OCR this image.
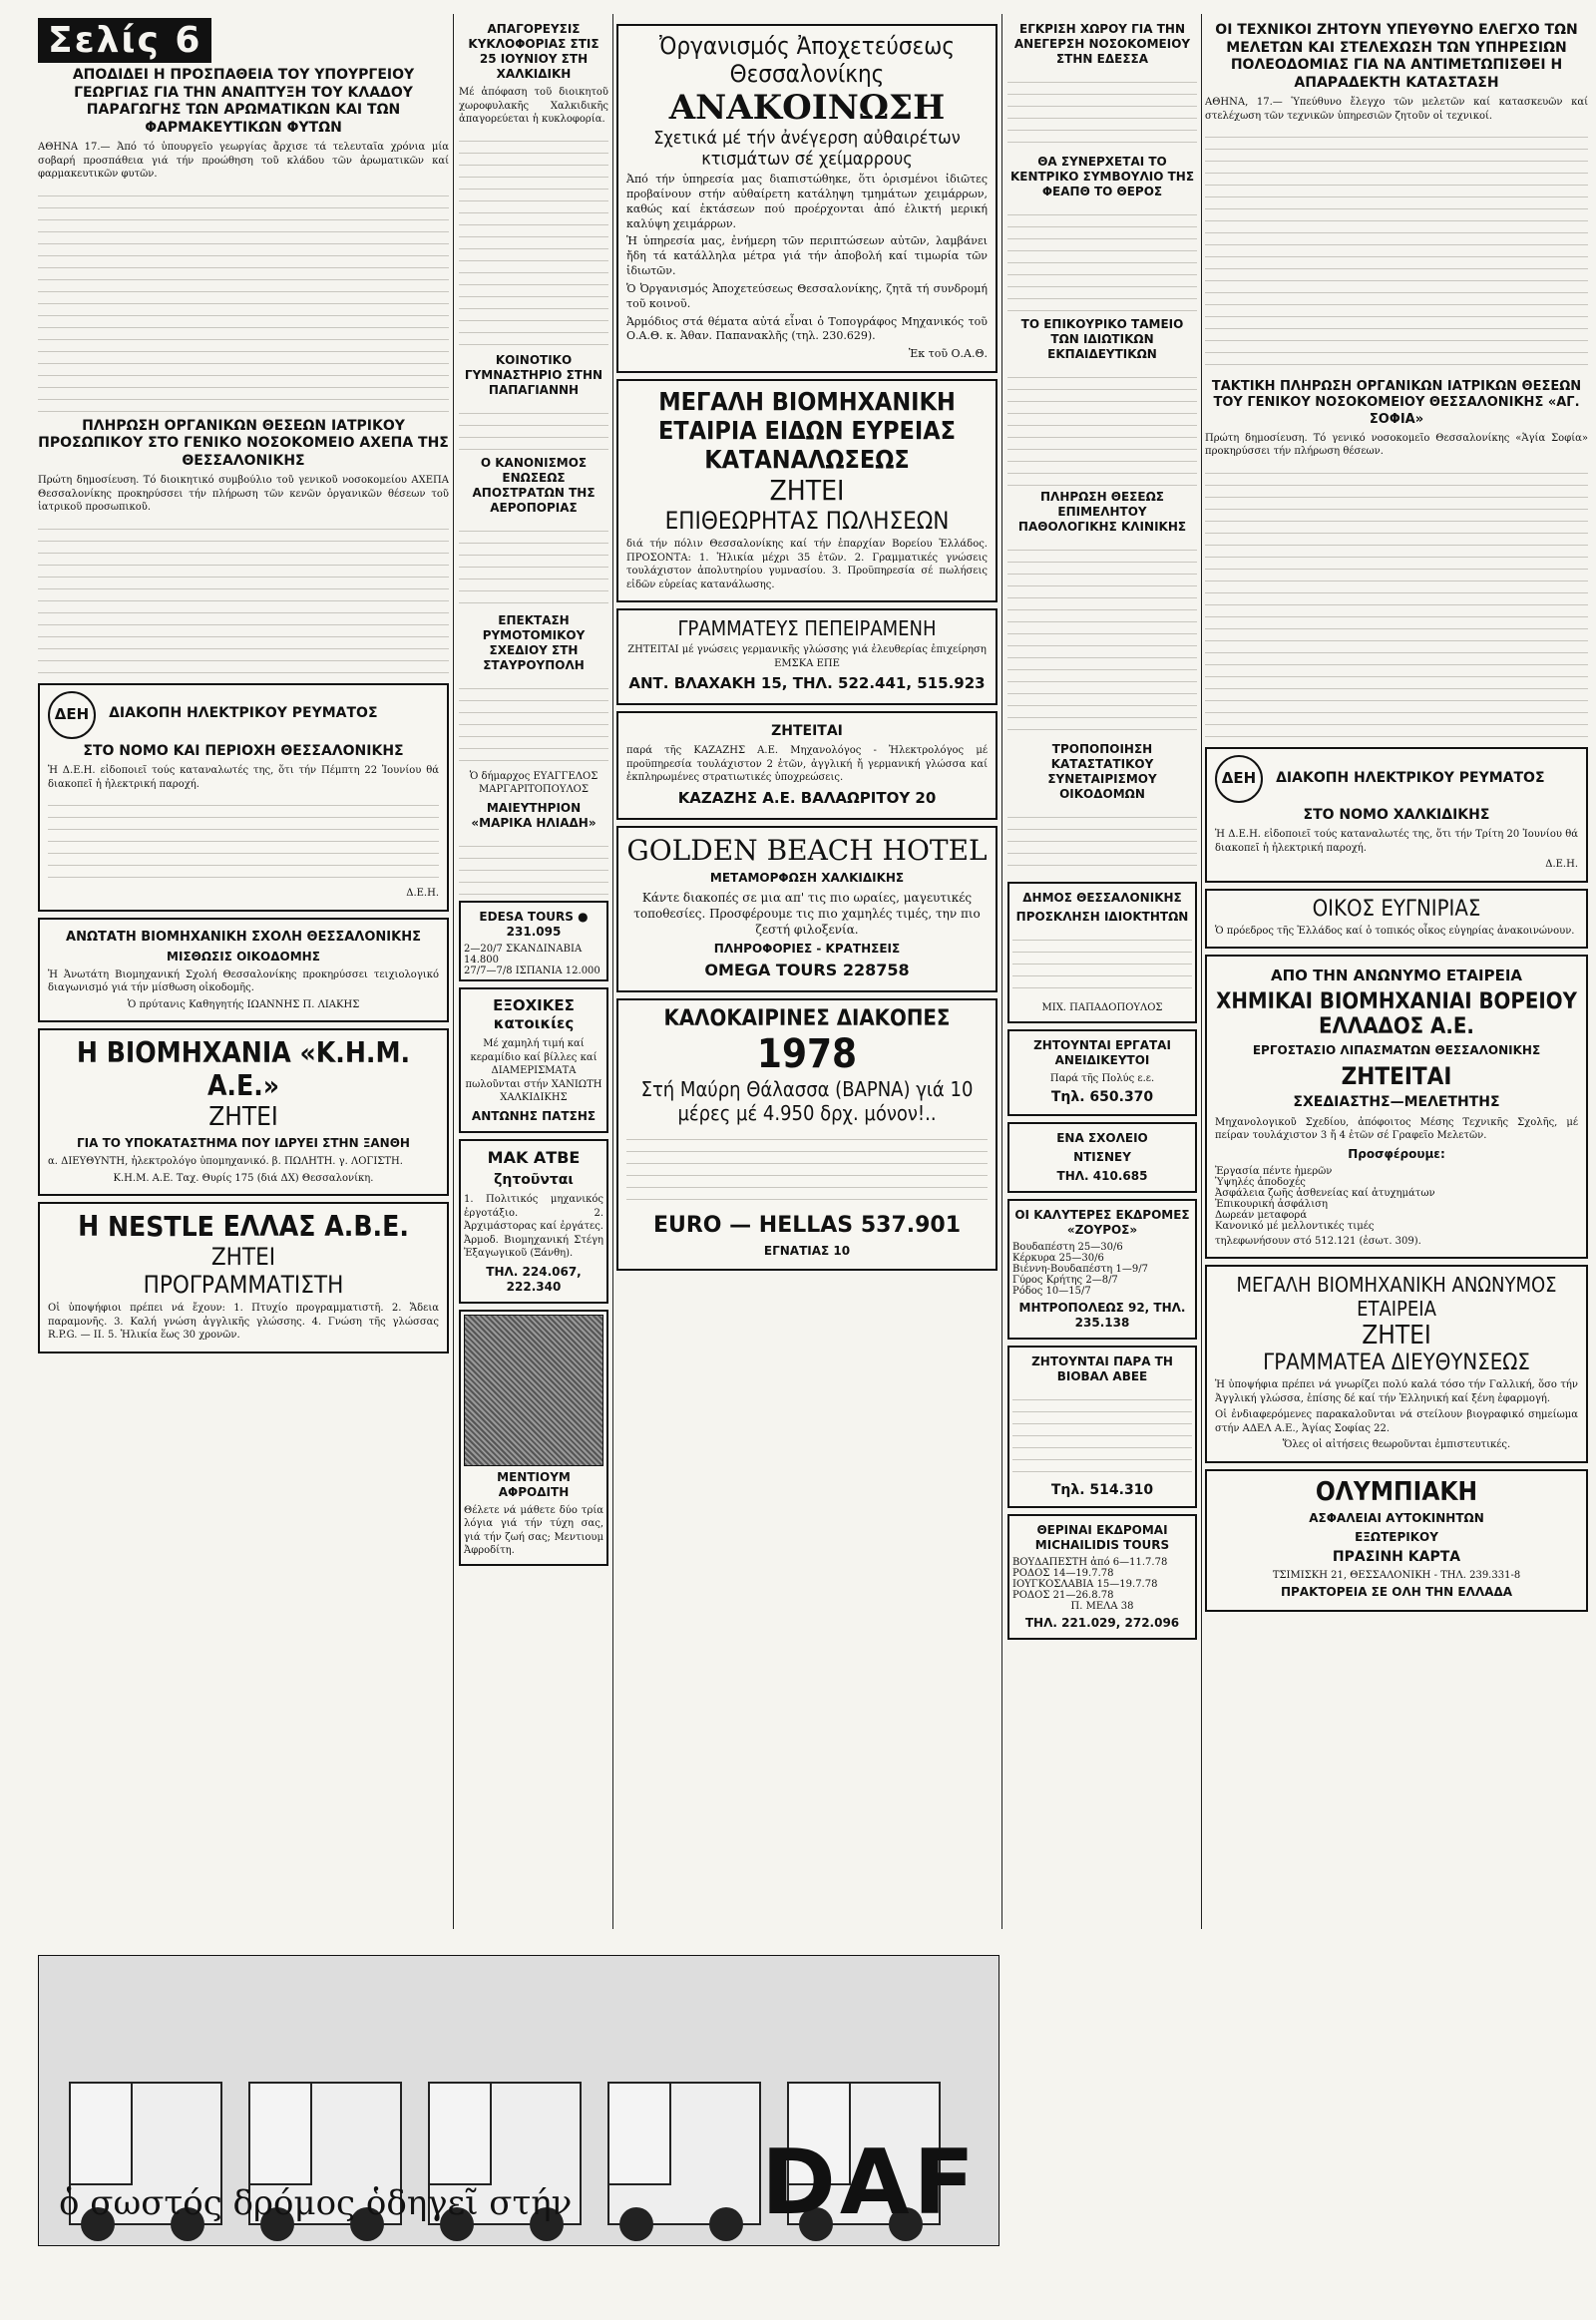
Σελίς 6
ΑΠΟΔΙΔΕΙ Η ΠΡΟΣΠΑΘΕΙΑ ΤΟΥ ΥΠΟΥΡΓΕΙΟΥ ΓΕΩΡΓΙΑΣ ΓΙΑ ΤΗΝ ΑΝΑΠΤΥΞΗ ΤΟΥ ΚΛΑΔΟΥ ΠΑΡΑΓΩΓΗΣ ΤΩΝ ΑΡΩΜΑΤΙΚΩΝ ΚΑΙ ΤΩΝ ΦΑΡΜΑΚΕΥΤΙΚΩΝ ΦΥΤΩΝ
ΑΘΗΝΑ 17.— Ἀπό τό ὑπουργεῖο γεωργίας ἄρχισε τά τελευταῖα χρόνια μία σοβαρή προσπάθεια γιά τήν προώθηση τοῦ κλάδου τῶν ἀρωματικῶν καί φαρμακευτικῶν φυτῶν.
ΠΛΗΡΩΣΗ ΟΡΓΑΝΙΚΩΝ ΘΕΣΕΩΝ ΙΑΤΡΙΚΟΥ ΠΡΟΣΩΠΙΚΟΥ ΣΤΟ ΓΕΝΙΚΟ ΝΟΣΟΚΟΜΕΙΟ ΑΧΕΠΑ ΤΗΣ ΘΕΣΣΑΛΟΝΙΚΗΣ
Πρώτη δημοσίευση. Τό διοικητικό συμβούλιο τοῦ γενικοῦ νοσοκομείου ΑΧΕΠΑ Θεσσαλονίκης προκηρύσσει τήν πλήρωση τῶν κενῶν ὀργανικῶν θέσεων τοῦ ἰατρικοῦ προσωπικοῦ.
ΔΕΗ ΔΙΑΚΟΠΗ ΗΛΕΚΤΡΙΚΟΥ ΡΕΥΜΑΤΟΣ
ΣΤΟ ΝΟΜΟ ΚΑΙ ΠΕΡΙΟΧΗ ΘΕΣΣΑΛΟΝΙΚΗΣ
Ἡ Δ.Ε.Η. εἰδοποιεῖ τούς καταναλωτές της, ὅτι τήν Πέμπτη 22 Ἰουνίου θά διακοπεῖ ἡ ἠλεκτρική παροχή.
Δ.Ε.Η.
ΑΝΩΤΑΤΗ ΒΙΟΜΗΧΑΝΙΚΗ ΣΧΟΛΗ ΘΕΣΣΑΛΟΝΙΚΗΣ
ΜΙΣΘΩΣΙΣ ΟΙΚΟΔΟΜΗΣ
Ἡ Ἀνωτάτη Βιομηχανική Σχολή Θεσσαλονίκης προκηρύσσει τειχιολογικό διαγωνισμό γιά τήν μίσθωση οἰκοδομῆς.
Ὁ πρύτανις Καθηγητής ΙΩΑΝΝΗΣ Π. ΛΙΑΚΗΣ
Η ΒΙΟΜΗΧΑΝΙΑ «Κ.Η.Μ. Α.Ε.»
ΖΗΤΕΙ
ΓΙΑ ΤΟ ΥΠΟΚΑΤΑΣΤΗΜΑ ΠΟΥ ΙΔΡΥΕΙ ΣΤΗΝ ΞΑΝΘΗ
α. ΔΙΕΥΘΥΝΤΗ, ἠλεκτρολόγο ὑπομηχανικό. β. ΠΩΛΗΤΗ. γ. ΛΟΓΙΣΤΗ.
Κ.Η.Μ. Α.Ε. Ταχ. Θυρίς 175 (διά ΔΧ) Θεσσαλονίκη.
Η NESTLE ΕΛΛΑΣ Α.Β.Ε.
ΖΗΤΕΙ
ΠΡΟΓΡΑΜΜΑΤΙΣΤΗ
Οἱ ὑποψήφιοι πρέπει νά ἔχουν: 1. Πτυχίο προγραμματιστῆ. 2. Ἄδεια παραμονῆς. 3. Καλή γνώση ἀγγλικῆς γλώσσης. 4. Γνώση τῆς γλώσσας R.P.G. — II. 5. Ἡλικία ἕως 30 χρονῶν.
ΑΠΑΓΟΡΕΥΣΙΣ ΚΥΚΛΟΦΟΡΙΑΣ ΣΤΙΣ 25 ΙΟΥΝΙΟΥ ΣΤΗ ΧΑΛΚΙΔΙΚΗ
Μέ ἀπόφαση τοῦ διοικητοῦ χωροφυλακῆς Χαλκιδικῆς ἀπαγορεύεται ἡ κυκλοφορία.
ΚΟΙΝΟΤΙΚΟ ΓΥΜΝΑΣΤΗΡΙΟ ΣΤΗΝ ΠΑΠΑΓΙΑΝΝΗ
Ο ΚΑΝΟΝΙΣΜΟΣ ΕΝΩΣΕΩΣ ΑΠΟΣΤΡΑΤΩΝ ΤΗΣ ΑΕΡΟΠΟΡΙΑΣ
ΕΠΕΚΤΑΣΗ ΡΥΜΟΤΟΜΙΚΟΥ ΣΧΕΔΙΟΥ ΣΤΗ ΣΤΑΥΡΟΥΠΟΛΗ
Ὁ δήμαρχος ΕΥΑΓΓΕΛΟΣ ΜΑΡΓΑΡΙΤΟΠΟΥΛΟΣ
ΜΑΙΕΥΤΗΡΙΟΝ «ΜΑΡΙΚΑ ΗΛΙΑΔΗ»
EDESA TOURS ● 231.095
2—20/7 ΣΚΑΝΔΙΝΑΒΙΑ 14.800
27/7—7/8 ΙΣΠΑΝΙΑ 12.000
ΕΞΟΧΙΚΕΣ κατοικίες
Μέ χαμηλή τιμή καί κεραμίδιο καί βίλλες καί ΔΙΑΜΕΡΙΣΜΑΤΑ πωλοῦνται στήν ΧΑΝΙΩΤΗ ΧΑΛΚΙΔΙΚΗΣ
ΑΝΤΩΝΗΣ ΠΑΤΣΗΣ
ΜΑΚ ΑΤΒΕ
ζητοῦνται
1. Πολιτικός μηχανικός ἐργοτάξιο. 2. Ἀρχιμάστορας καί ἐργάτες. Ἀρμοδ. Βιομηχανική Στέγη Ἐξαγωγικοῦ (Ξάνθη).
ΤΗΛ. 224.067, 222.340
ΜΕΝΤΙΟΥΜ ΑΦΡΟΔΙΤΗ
Θέλετε νά μάθετε δύο τρία λόγια γιά τήν τύχη σας, γιά τήν ζωή σας; Μεντιουμ Ἀφροδίτη.
Ὀργανισμός Ἀποχετεύσεως Θεσσαλονίκης
ΑΝΑΚΟΙΝΩΣΗ
Σχετικά μέ τήν ἀνέγερση αὐθαιρέτων κτισμάτων σέ χείμαρρους
Ἀπό τήν ὑπηρεσία μας διαπιστώθηκε, ὅτι ὁρισμένοι ἰδιῶτες προβαίνουν στήν αὐθαίρετη κατάληψη τμημάτων χειμάρρων, καθώς καί ἐκτάσεων πού προέρχονται ἀπό ἐλικτή μερική καλύψη χειμάρρων.
Ἡ ὑπηρεσία μας, ἐνήμερη τῶν περιπτώσεων αὐτῶν, λαμβάνει ἤδη τά κατάλληλα μέτρα γιά τήν ἀποβολή καί τιμωρία τῶν ἰδιωτῶν.
Ὁ Ὀργανισμός Ἀποχετεύσεως Θεσσαλονίκης, ζητᾶ τή συνδρομή τοῦ κοινοῦ.
Ἁρμόδιος στά θέματα αὐτά εἶναι ὁ Τοπογράφος Μηχανικός τοῦ Ο.Α.Θ. κ. Ἀθαν. Παπανακλῆς (τηλ. 230.629).
Ἐκ τοῦ Ο.Α.Θ.
ΜΕΓΑΛΗ ΒΙΟΜΗΧΑΝΙΚΗ ΕΤΑΙΡΙΑ ΕΙΔΩΝ ΕΥΡΕΙΑΣ ΚΑΤΑΝΑΛΩΣΕΩΣ
ΖΗΤΕΙ
ΕΠΙΘΕΩΡΗΤΑΣ ΠΩΛΗΣΕΩΝ
διά τήν πόλιν Θεσσαλονίκης καί τήν ἐπαρχίαν Βορείου Ἑλλάδος. ΠΡΟΣΟΝΤΑ: 1. Ἡλικία μέχρι 35 ἐτῶν. 2. Γραμματικές γνώσεις τουλάχιστον ἀπολυτηρίου γυμνασίου. 3. Προϋπηρεσία σέ πωλήσεις εἰδῶν εὐρείας κατανάλωσης.
ΓΡΑΜΜΑΤΕΥΣ ΠΕΠΕΙΡΑΜΕΝΗ
ΖΗΤΕΙΤΑΙ μέ γνώσεις γερμανικῆς γλώσσης γιά ἐλευθερίας ἐπιχείρηση ΕΜΣΚΑ ΕΠΕ
ΑΝΤ. ΒΛΑΧΑΚΗ 15, ΤΗΛ. 522.441, 515.923
ΖΗΤΕΙΤΑΙ
παρά τῆς ΚΑΖΑΖΗΣ Α.Ε. Μηχανολόγος - Ἠλεκτρολόγος μέ προϋπηρεσία τουλάχιστον 2 ἐτῶν, ἀγγλική ἤ γερμανική γλώσσα καί ἐκπληρωμένες στρατιωτικές ὑποχρεώσεις.
ΚΑΖΑΖΗΣ Α.Ε. ΒΑΛΑΩΡΙΤΟΥ 20
GOLDEN BEACH HOTEL
ΜΕΤΑΜΟΡΦΩΣΗ ΧΑΛΚΙΔΙΚΗΣ
Κάντε διακοπές σε μια απ' τις πιο ωραίες, μαγευτικές τοποθεσίες. Προσφέρουμε τις πιο χαμηλές τιμές, την πιο ζεστή φιλοξενία.
ΠΛΗΡΟΦΟΡΙΕΣ - ΚΡΑΤΗΣΕΙΣ
OMEGA TOURS 228758
ΚΑΛΟΚΑΙΡΙΝΕΣ ΔΙΑΚΟΠΕΣ 1978
Στή Μαύρη Θάλασσα (ΒΑΡΝΑ) γιά 10 μέρες μέ 4.950 δρχ. μόνον!..
EURO — HELLAS 537.901
ΕΓΝΑΤΙΑΣ 10
ΕΓΚΡΙΣΗ ΧΩΡΟΥ ΓΙΑ ΤΗΝ ΑΝΕΓΕΡΣΗ ΝΟΣΟΚΟΜΕΙΟΥ ΣΤΗΝ ΕΔΕΣΣΑ
ΘΑ ΣΥΝΕΡΧΕΤΑΙ ΤΟ ΚΕΝΤΡΙΚΟ ΣΥΜΒΟΥΛΙΟ ΤΗΣ ΦΕΑΠΘ ΤΟ ΘΕΡΟΣ
ΤΟ ΕΠΙΚΟΥΡΙΚΟ ΤΑΜΕΙΟ ΤΩΝ ΙΔΙΩΤΙΚΩΝ ΕΚΠΑΙΔΕΥΤΙΚΩΝ
ΠΛΗΡΩΣΗ ΘΕΣΕΩΣ ΕΠΙΜΕΛΗΤΟΥ ΠΑΘΟΛΟΓΙΚΗΣ ΚΛΙΝΙΚΗΣ
ΤΡΟΠΟΠΟΙΗΣΗ ΚΑΤΑΣΤΑΤΙΚΟΥ ΣΥΝΕΤΑΙΡΙΣΜΟΥ ΟΙΚΟΔΟΜΩΝ
ΔΗΜΟΣ ΘΕΣΣΑΛΟΝΙΚΗΣ
ΠΡΟΣΚΛΗΣΗ ΙΔΙΟΚΤΗΤΩΝ
ΜΙΧ. ΠΑΠΑΔΟΠΟΥΛΟΣ
ΖΗΤΟΥΝΤΑΙ ΕΡΓΑΤΑΙ ΑΝΕΙΔΙΚΕΥΤΟΙ
Παρά τῆς Πολύς ε.ε.
Τηλ. 650.370
ΕΝΑ ΣΧΟΛΕΙΟ
ΝΤΙΣΝΕΥ
ΤΗΛ. 410.685
ΟΙ ΚΑΛΥΤΕΡΕΣ ΕΚΔΡΟΜΕΣ «ΖΟΥΡΟΣ»
Βουδαπέστη 25—30/6
Κέρκυρα 25—30/6
Βιέννη-Βουδαπέστη 1—9/7
Γύρος Κρήτης 2—8/7
Ρόδος 10—15/7
ΜΗΤΡΟΠΟΛΕΩΣ 92, ΤΗΛ. 235.138
ΖΗΤΟΥΝΤΑΙ ΠΑΡΑ ΤΗ ΒΙΟΒΑΛ ΑΒΕΕ
Τηλ. 514.310
ΘΕΡΙΝΑΙ ΕΚΔΡΟΜΑΙ MICHAILIDIS TOURS
ΒΟΥΔΑΠΕΣΤΗ ἀπό 6—11.7.78
ΡΟΔΟΣ 14—19.7.78
ΙΟΥΓΚΟΣΛΑΒΙΑ 15—19.7.78
ΡΟΔΟΣ 21—26.8.78
Π. ΜΕΛΑ 38
ΤΗΛ. 221.029, 272.096
ΟΙ ΤΕΧΝΙΚΟΙ ΖΗΤΟΥΝ ΥΠΕΥΘΥΝΟ ΕΛΕΓΧΟ ΤΩΝ ΜΕΛΕΤΩΝ ΚΑΙ ΣΤΕΛΕΧΩΣΗ ΤΩΝ ΥΠΗΡΕΣΙΩΝ ΠΟΛΕΟΔΟΜΙΑΣ ΓΙΑ ΝΑ ΑΝΤΙΜΕΤΩΠΙΣΘΕΙ Η ΑΠΑΡΑΔΕΚΤΗ ΚΑΤΑΣΤΑΣΗ
ΑΘΗΝΑ, 17.— Ὑπεύθυνο ἔλεγχο τῶν μελετῶν καί κατασκευῶν καί στελέχωση τῶν τεχνικῶν ὑπηρεσιῶν ζητοῦν οἱ τεχνικοί.
ΤΑΚΤΙΚΗ ΠΛΗΡΩΣΗ ΟΡΓΑΝΙΚΩΝ ΙΑΤΡΙΚΩΝ ΘΕΣΕΩΝ ΤΟΥ ΓΕΝΙΚΟΥ ΝΟΣΟΚΟΜΕΙΟΥ ΘΕΣΣΑΛΟΝΙΚΗΣ «ΑΓ. ΣΟΦΙΑ»
Πρώτη δημοσίευση. Τό γενικό νοσοκομεῖο Θεσσαλονίκης «Ἁγία Σοφία» προκηρύσσει τήν πλήρωση θέσεων.
ΔΕΗ ΔΙΑΚΟΠΗ ΗΛΕΚΤΡΙΚΟΥ ΡΕΥΜΑΤΟΣ
ΣΤΟ ΝΟΜΟ ΧΑΛΚΙΔΙΚΗΣ
Ἡ Δ.Ε.Η. εἰδοποιεῖ τούς καταναλωτές της, ὅτι τήν Τρίτη 20 Ἰουνίου θά διακοπεῖ ἡ ἠλεκτρική παροχή.
Δ.Ε.Η.
ΟΙΚΟΣ ΕΥΓΝΙΡΙΑΣ
Ὁ πρόεδρος τῆς Ἑλλάδος καί ὁ τοπικός οἶκος εὐγηρίας ἀνακοινώνουν.
ΑΠΟ ΤΗΝ ΑΝΩΝΥΜΟ ΕΤΑΙΡΕΙΑ
ΧΗΜΙΚΑΙ ΒΙΟΜΗΧΑΝΙΑΙ ΒΟΡΕΙΟΥ ΕΛΛΑΔΟΣ Α.Ε.
ΕΡΓΟΣΤΑΣΙΟ ΛΙΠΑΣΜΑΤΩΝ ΘΕΣΣΑΛΟΝΙΚΗΣ
ΖΗΤΕΙΤΑΙ
ΣΧΕΔΙΑΣΤΗΣ—ΜΕΛΕΤΗΤΗΣ
Μηχανολογικοῦ Σχεδίου, ἀπόφοιτος Μέσης Τεχνικῆς Σχολῆς, μέ πείραν τουλάχιστον 3 ἤ 4 ἐτῶν σέ Γραφεῖο Μελετῶν.
Προσφέρουμε:
Ἐργασία πέντε ἡμερῶν
Ὑψηλές ἀποδοχές
Ἀσφάλεια ζωῆς ἀσθενείας καί ἀτυχημάτων
Ἐπικουρική ἀσφάλιση
Δωρεάν μεταφορά
Κανονικό μέ μελλοντικές τιμές
τηλεφωνήσουν στό 512.121 (ἐσωτ. 309).
ΜΕΓΑΛΗ ΒΙΟΜΗΧΑΝΙΚΗ ΑΝΩΝΥΜΟΣ ΕΤΑΙΡΕΙΑ
ΖΗΤΕΙ
ΓΡΑΜΜΑΤΕΑ ΔΙΕΥΘΥΝΣΕΩΣ
Ἡ ὑποψήφια πρέπει νά γνωρίζει πολύ καλά τόσο τήν Γαλλική, ὅσο τήν Ἀγγλική γλώσσα, ἐπίσης δέ καί τήν Ἑλληνική καί ξένη ἐφαρμογή.
Οἱ ἐνδιαφερόμενες παρακαλοῦνται νά στείλουν βιογραφικό σημείωμα στήν ΑΔΕΛ Α.Ε., Ἁγίας Σοφίας 22.
Ὅλες οἱ αἰτήσεις θεωροῦνται ἐμπιστευτικές.
ΟΛΥΜΠΙΑΚΗ
ΑΣΦΑΛΕΙΑΙ ΑΥΤΟΚΙΝΗΤΩΝ
ΕΞΩΤΕΡΙΚΟΥ
ΠΡΑΣΙΝΗ ΚΑΡΤΑ
ΤΣΙΜΙΣΚΗ 21, ΘΕΣΣΑΛΟΝΙΚΗ - ΤΗΛ. 239.331-8
ΠΡΑΚΤΟΡΕΙΑ ΣΕ ΟΛΗ ΤΗΝ ΕΛΛΑΔΑ
ὁ σωστός δρόμος ὁδηγεῖ στήν DAF
